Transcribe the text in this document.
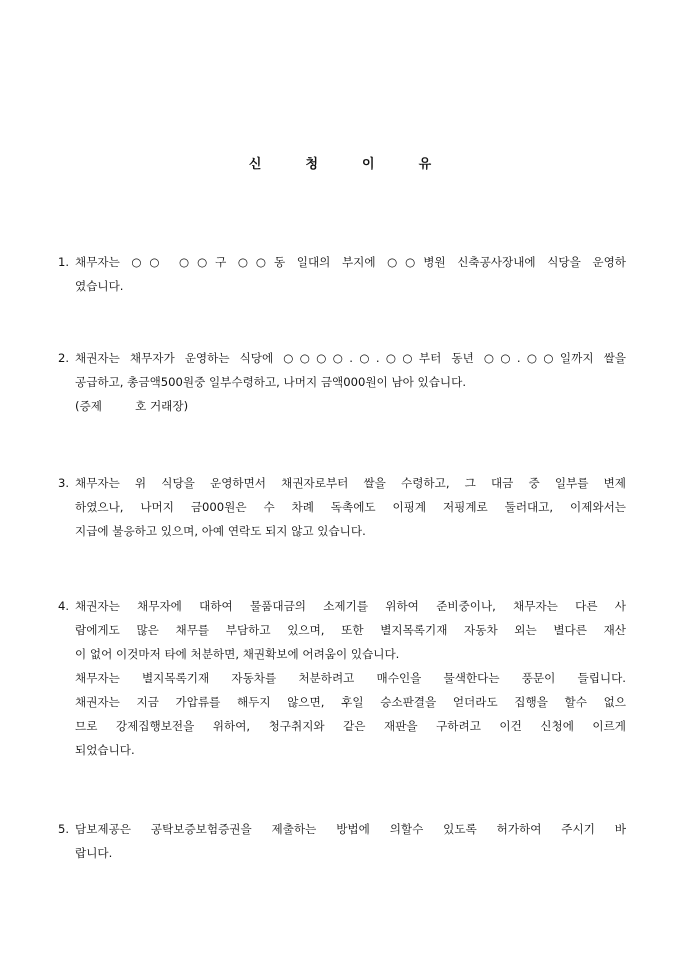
신	청	이	유
1. 채무자는 ○○ ○○구 ○○동 일대의 부지에 ○○병원 신축공사장내에 식당을 운영하
였습니다.
2. 채권자는 채무자가 운영하는 식당에 ○○○○.○.○○부터 동년 ○○.○○일까지 쌀을
공급하고, 총금액500원중 일부수령하고, 나머지 금액000원이 남아 있습니다.
(증제         호 거래장)
3. 채무자는 위 식당을 운영하면서 채권자로부터 쌀을 수령하고, 그 대금 중 일부를 변제
하였으나, 나머지 금000원은 수 차례 독촉에도 이핑계 저핑계로 둘러대고, 이제와서는
지급에 불응하고 있으며, 아예 연락도 되지 않고 있습니다.
4. 채권자는 채무자에 대하여 물품대금의 소제기를 위하여 준비중이나, 채무자는 다른 사
람에게도 많은 채무를 부담하고 있으며, 또한 별지목록기재 자동차 외는 별다른 재산
이 없어 이것마저 타에 처분하면, 채권확보에 어려움이 있습니다.
채무자는 별지목록기재 자동차를 처분하려고 매수인을 물색한다는 풍문이 들립니다.
채권자는 지금 가압류를 해두지 않으면, 후일 승소판결을 얻더라도 집행을 할수 없으
므로 강제집행보전을 위하여, 청구취지와 같은 재판을 구하려고 이건 신청에 이르게
되었습니다.
5. 담보제공은 공탁보증보험증권을 제출하는 방법에 의할수 있도록 허가하여 주시기 바
랍니다.
